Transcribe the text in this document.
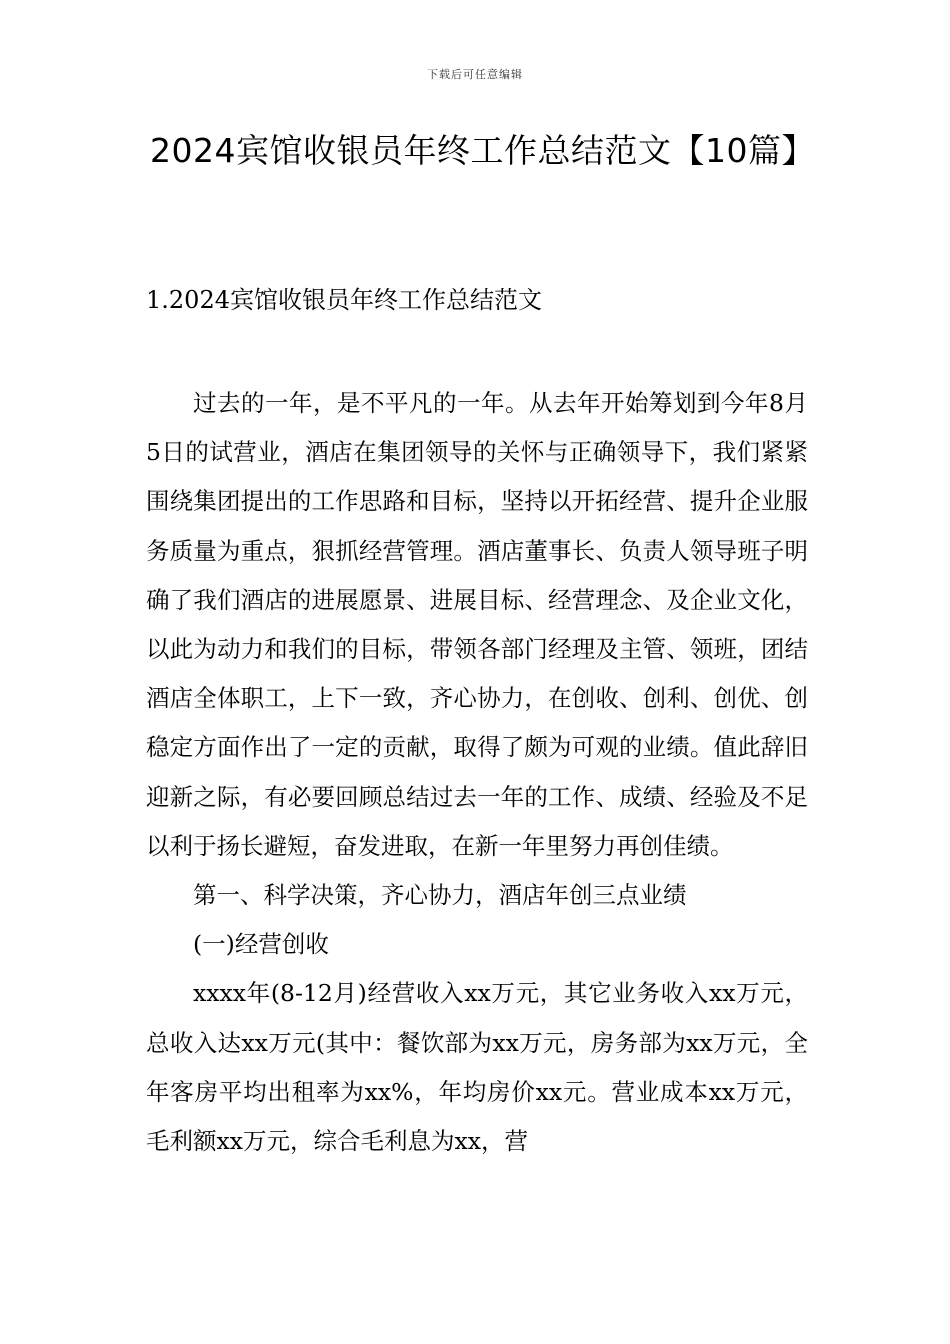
下载后可任意编辑
2024宾馆收银员年终工作总结范文【10篇】
1.2024宾馆收银员年终工作总结范文

过去的一年，是不平凡的一年。从去年开始筹划到今年8月5日的试营业，酒店在集团领导的关怀与正确领导下，我们紧紧围绕集团提出的工作思路和目标，坚持以开拓经营、提升企业服务质量为重点，狠抓经营管理。酒店董事长、负责人领导班子明确了我们酒店的进展愿景、进展目标、经营理念、及企业文化，以此为动力和我们的目标，带领各部门经理及主管、领班，团结酒店全体职工，上下一致，齐心协力，在创收、创利、创优、创稳定方面作出了一定的贡献，取得了颇为可观的业绩。值此辞旧迎新之际，有必要回顾总结过去一年的工作、成绩、经验及不足以利于扬长避短，奋发进取，在新一年里努力再创佳绩。

第一、科学决策，齐心协力，酒店年创三点业绩

(一)经营创收

xxxx年(8-12月)经营收入xx万元，其它业务收入xx万元，总收入达xx万元(其中：餐饮部为xx万元，房务部为xx万元，全年客房平均出租率为xx%，年均房价xx元。营业成本xx万元，毛利额xx万元，综合毛利息为xx，营
